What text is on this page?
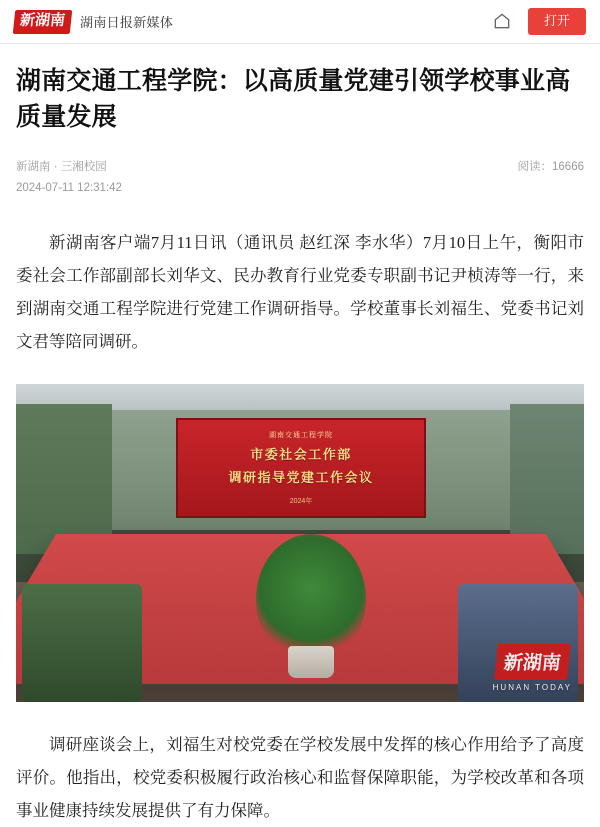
新湖南	湖南日报新媒体	打开
湖南交通工程学院：以高质量党建引领学校事业高质量发展
新湖南 · 三湘校园
2024-07-11 12:31:42
阅读：16666

新湖南客户端7月11日讯（通讯员 赵红深 李水华）7月10日上午，衡阳市委社会工作部副部长刘华文、民办教育行业党委专职副书记尹桢涛等一行，来到湖南交通工程学院进行党建工作调研指导。学校董事长刘福生、党委书记刘文君等陪同调研。

湖南交通工程学院
市委社会工作部
调研指导党建工作会议
2024年
新湖南
HUNAN TODAY

调研座谈会上，刘福生对校党委在学校发展中发挥的核心作用给予了高度评价。他指出，校党委积极履行政治核心和监督保障职能，为学校改革和各项事业健康持续发展提供了有力保障。
